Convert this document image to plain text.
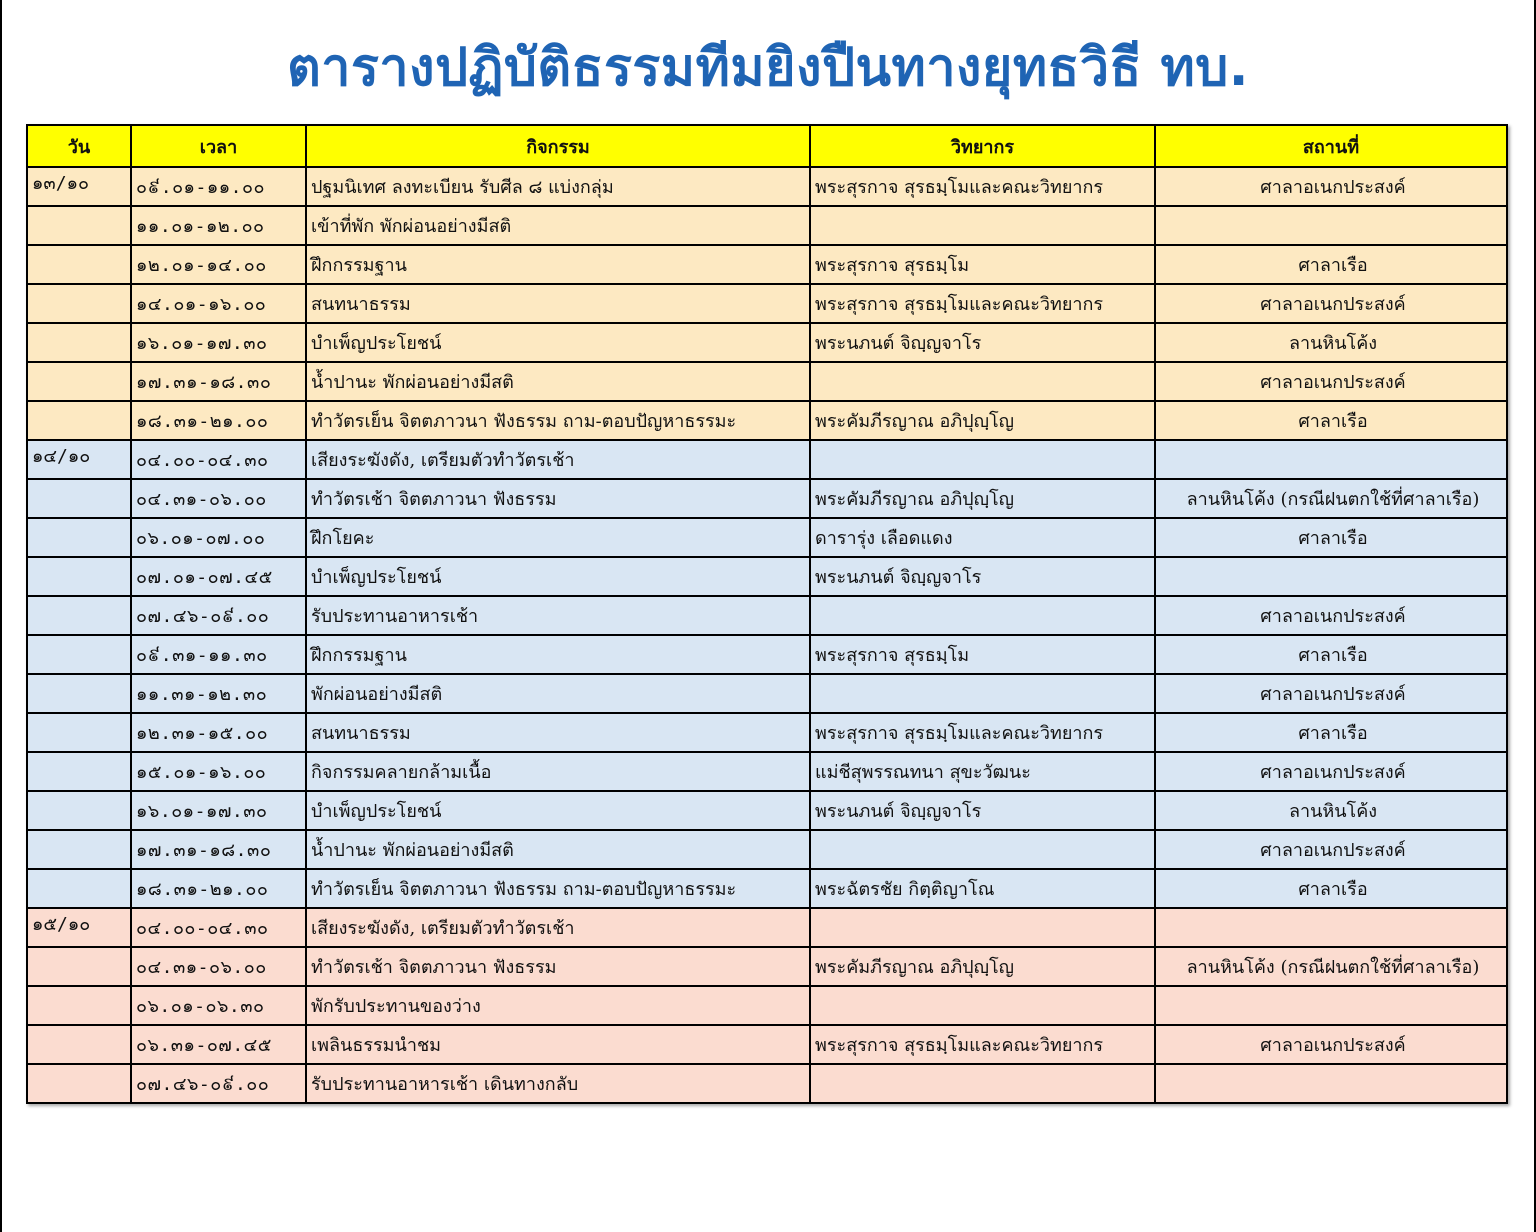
ตารางปฏิบัติธรรมทีมยิงปืนทางยุทธวิธี ทบ.
วัน	เวลา	กิจกรรม	วิทยากร	สถานที่
๑๓/๑๐	๐៩.๐๑-๑๑.๐๐	ปฐมนิเทศ ลงทะเบียน รับศีล ๘ แบ่งกลุ่ม	พระสุรกาจ สุรธมฺโมและคณะวิทยากร	ศาลาอเนกประสงค์
	๑๑.๐๑-๑๒.๐๐	เข้าที่พัก พักผ่อนอย่างมีสติ		
	๑๒.๐๑-๑๔.๐๐	ฝึกกรรมฐาน	พระสุรกาจ สุรธมฺโม	ศาลาเรือ
	๑๔.๐๑-๑๖.๐๐	สนทนาธรรม	พระสุรกาจ สุรธมฺโมและคณะวิทยากร	ศาลาอเนกประสงค์
	๑๖.๐๑-๑๗.๓๐	บำเพ็ญประโยชน์	พระนภนต์ จิญฺญจาโร	ลานหินโค้ง
	๑๗.๓๑-๑๘.๓๐	น้ำปานะ พักผ่อนอย่างมีสติ		ศาลาอเนกประสงค์
	๑๘.๓๑-๒๑.๐๐	ทำวัตรเย็น จิตตภาวนา ฟังธรรม ถาม-ตอบปัญหาธรรมะ	พระคัมภีรญาณ อภิปุญฺโญ	ศาลาเรือ
๑๔/๑๐	๐๔.๐๐-๐๔.๓๐	เสียงระฆังดัง, เตรียมตัวทำวัตรเช้า		
	๐๔.๓๑-๐๖.๐๐	ทำวัตรเช้า จิตตภาวนา ฟังธรรม	พระคัมภีรญาณ อภิปุญฺโญ	ลานหินโค้ง (กรณีฝนตกใช้ที่ศาลาเรือ)
	๐๖.๐๑-๐๗.๐๐	ฝึกโยคะ	ดารารุ่ง เลือดแดง	ศาลาเรือ
	๐๗.๐๑-๐๗.๔๕	บำเพ็ญประโยชน์	พระนภนต์ จิญฺญจาโร	
	๐๗.๔๖-๐៩.๐๐	รับประทานอาหารเช้า		ศาลาอเนกประสงค์
	๐៩.๓๑-๑๑.๓๐	ฝึกกรรมฐาน	พระสุรกาจ สุรธมฺโม	ศาลาเรือ
	๑๑.๓๑-๑๒.๓๐	พักผ่อนอย่างมีสติ		ศาลาอเนกประสงค์
	๑๒.๓๑-๑๕.๐๐	สนทนาธรรม	พระสุรกาจ สุรธมฺโมและคณะวิทยากร	ศาลาเรือ
	๑๕.๐๑-๑๖.๐๐	กิจกรรมคลายกล้ามเนื้อ	แม่ชีสุพรรณทนา สุขะวัฒนะ	ศาลาอเนกประสงค์
	๑๖.๐๑-๑๗.๓๐	บำเพ็ญประโยชน์	พระนภนต์ จิญฺญจาโร	ลานหินโค้ง
	๑๗.๓๑-๑๘.๓๐	น้ำปานะ พักผ่อนอย่างมีสติ		ศาลาอเนกประสงค์
	๑๘.๓๑-๒๑.๐๐	ทำวัตรเย็น จิตตภาวนา ฟังธรรม ถาม-ตอบปัญหาธรรมะ	พระฉัตรชัย กิตฺติญาโณ	ศาลาเรือ
๑๕/๑๐	๐๔.๐๐-๐๔.๓๐	เสียงระฆังดัง, เตรียมตัวทำวัตรเช้า		
	๐๔.๓๑-๐๖.๐๐	ทำวัตรเช้า จิตตภาวนา ฟังธรรม	พระคัมภีรญาณ อภิปุญฺโญ	ลานหินโค้ง (กรณีฝนตกใช้ที่ศาลาเรือ)
	๐๖.๐๑-๐๖.๓๐	พักรับประทานของว่าง		
	๐๖.๓๑-๐๗.๔๕	เพลินธรรมนำชม	พระสุรกาจ สุรธมฺโมและคณะวิทยากร	ศาลาอเนกประสงค์
	๐๗.๔๖-๐៩.๐๐	รับประทานอาหารเช้า เดินทางกลับ		
